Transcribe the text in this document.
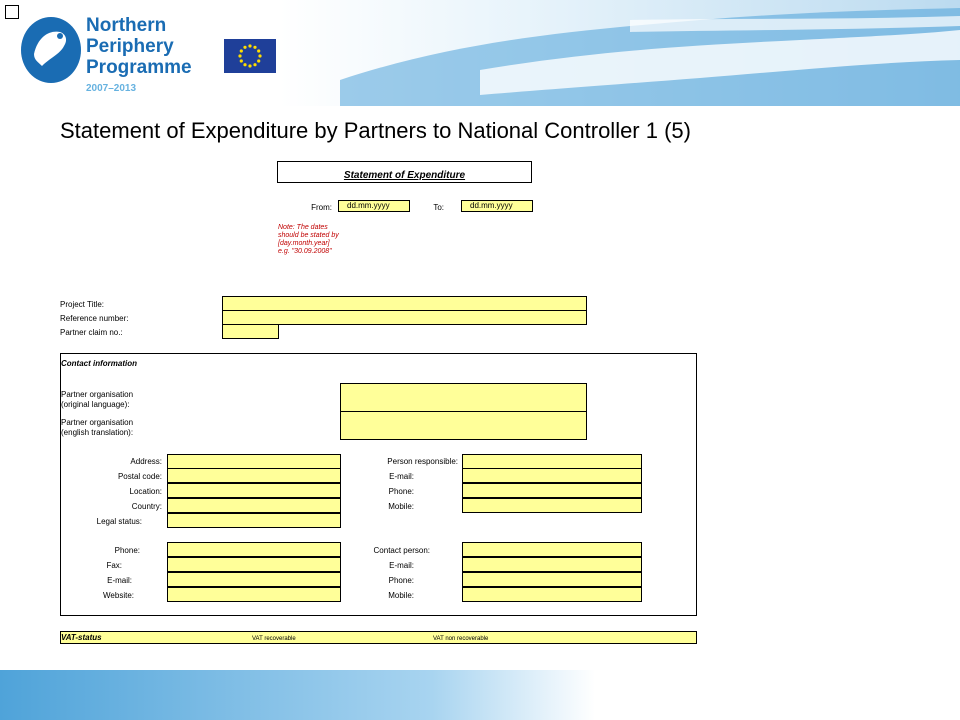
Northern
Periphery
Programme
2007–2013
Statement of Expenditure by Partners to National Controller 1 (5)
Statement of Expenditure
From:	dd.mm.yyyy	To:	dd.mm.yyyy
Note: The dates should be stated by [day.month.year] e.g. "30.09.2008"
Project Title:
Reference number:
Partner claim no.:
Contact information
Partner organisation (original language):
Partner organisation (english translation):
Address:
Postal code:
Location:
Country:
Legal status:
Person responsible:
E-mail:
Phone:
Mobile:
Phone:
Fax:
E-mail:
Website:
Contact person:
E-mail:
Phone:
Mobile:
VAT-status	VAT recoverable	VAT non recoverable
